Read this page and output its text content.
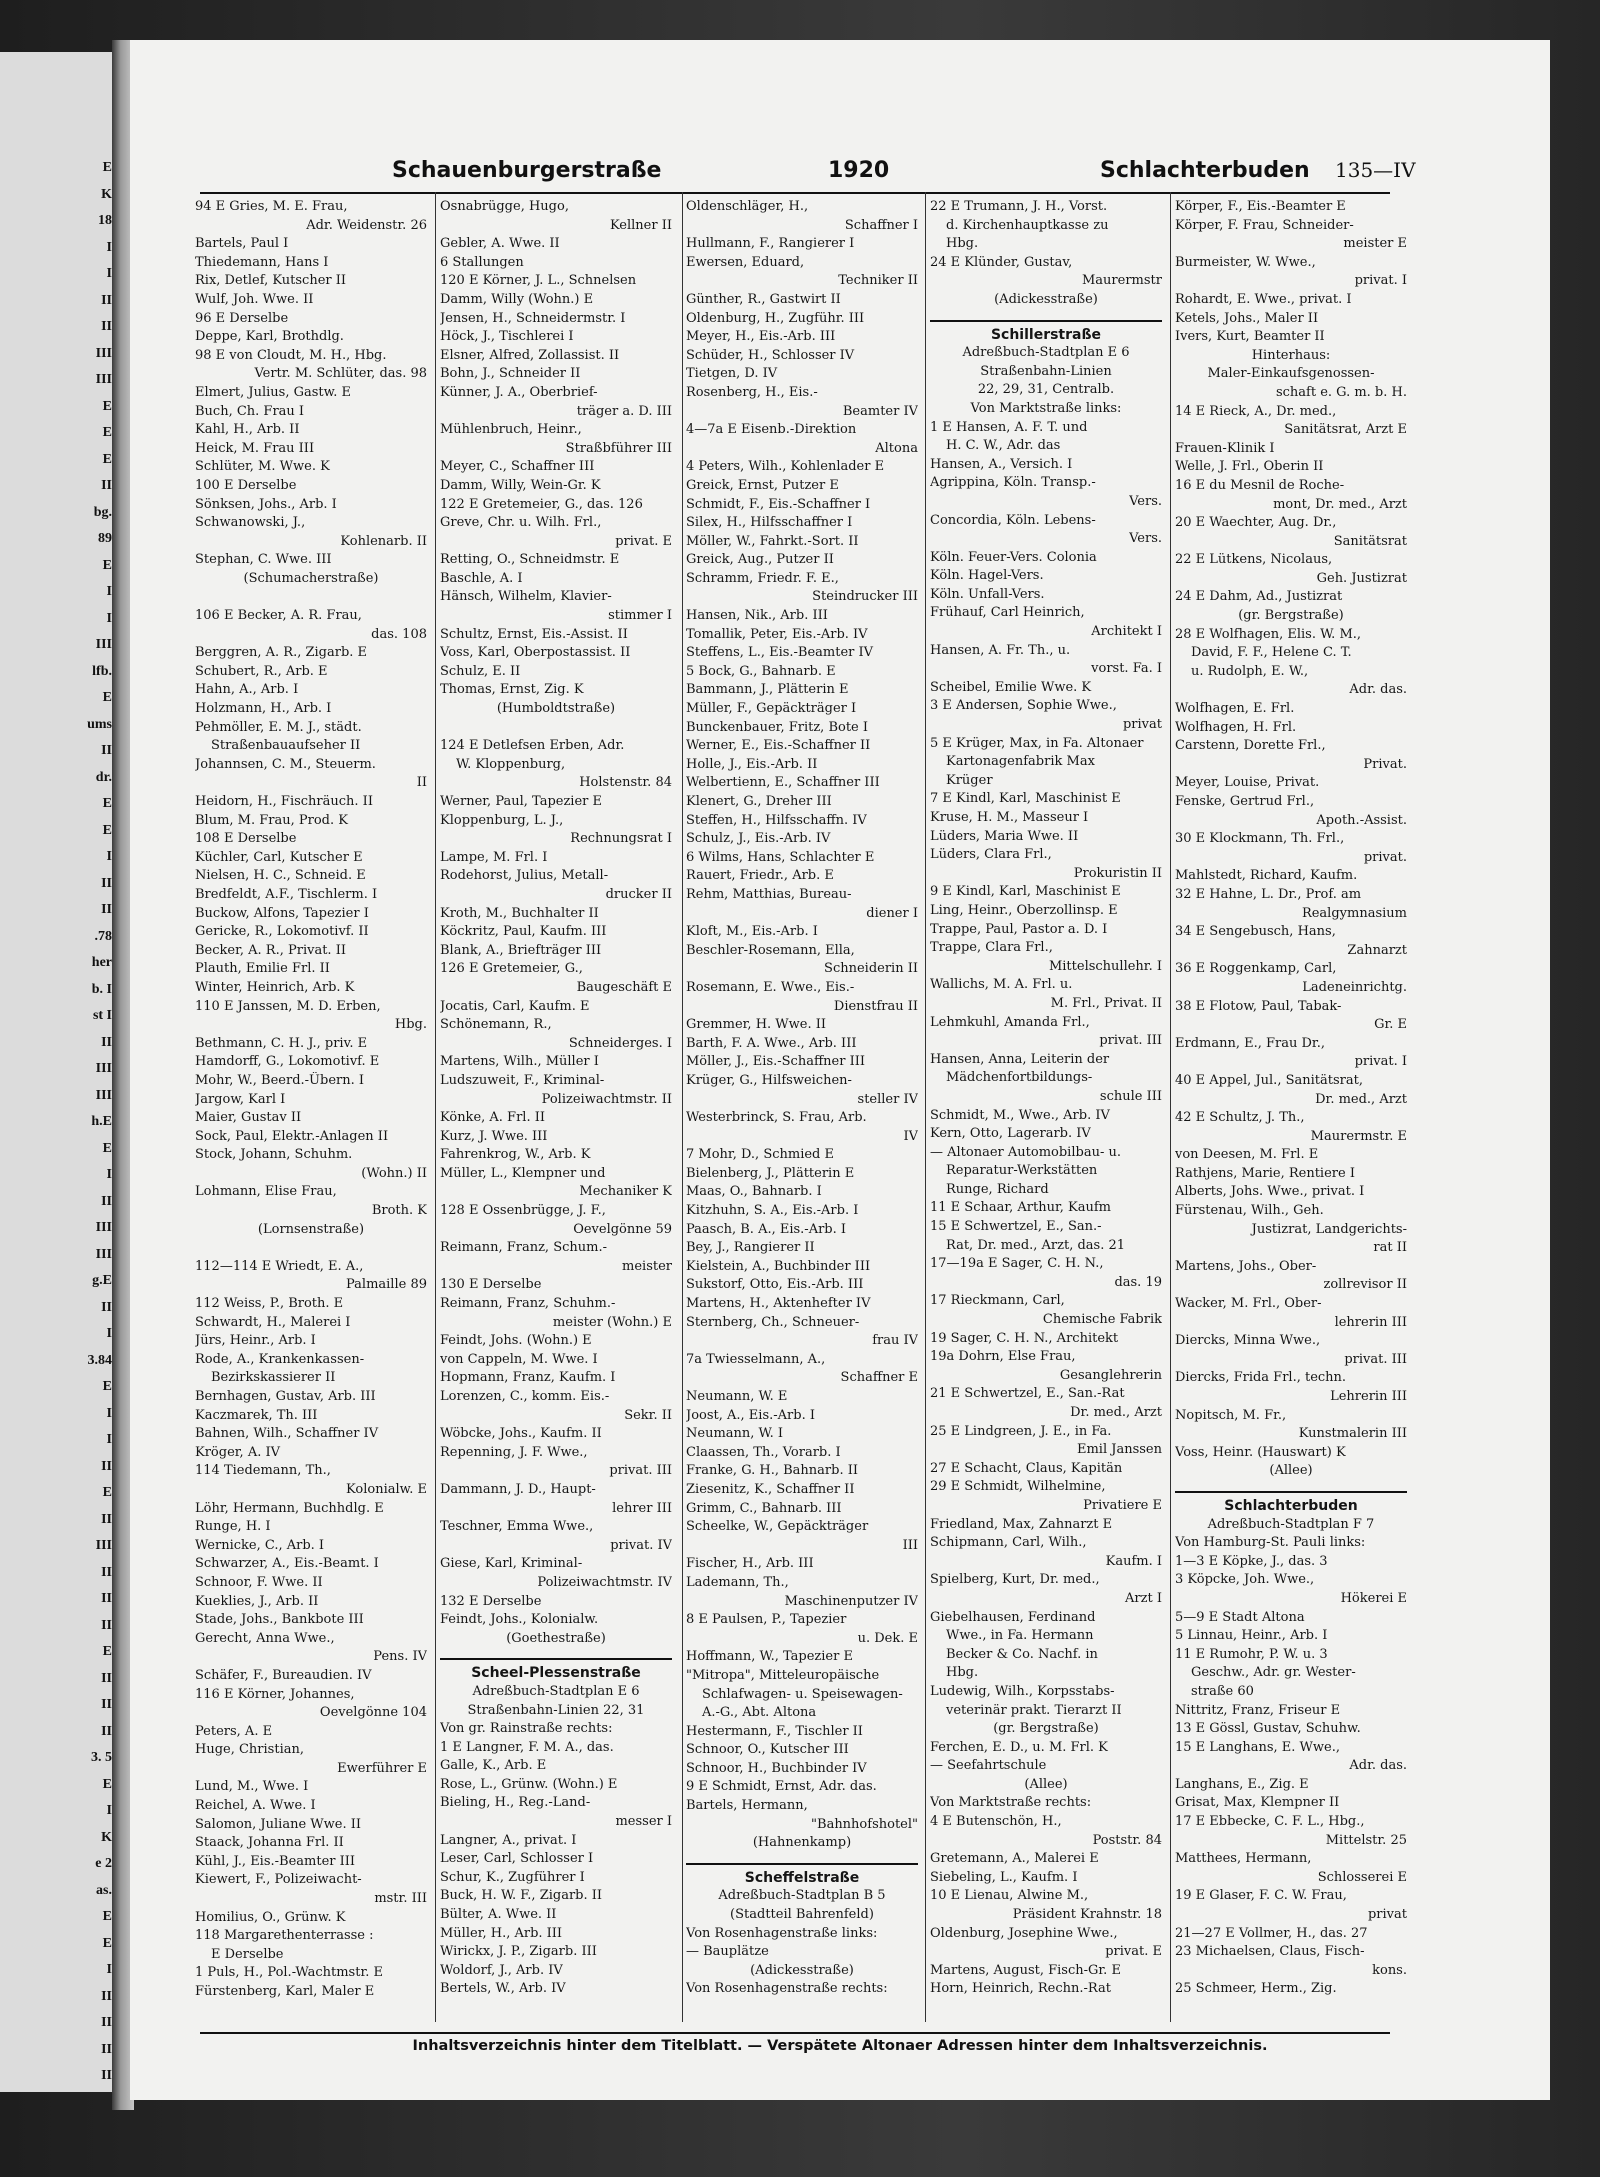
E
K
18
I
I
II
II
III
III
E
E
E
II
bg.
89
E
I
I
III
lfb.
E
ums
II
dr.
E
E
I
II
II
.78
her
b. I
st I
II
III
III
h.E
E
I
II
III
III
g.E
II
I
3.84
E
I
I
II
E
II
III
II
II
II
E
II
II
II
3. 5
E
I
K
e 2
as.
E
E
I
II
II
II
II
Schauenburgerstraße	1920	Schlachterbuden 135—IV
94 E Gries, M. E. Frau,
Adr. Weidenstr. 26
Bartels, Paul I
Thiedemann, Hans I
Rix, Detlef, Kutscher II
Wulf, Joh. Wwe. II
96 E Derselbe
Deppe, Karl, Brothdlg.
98 E von Cloudt, M. H., Hbg.
Vertr. M. Schlüter, das. 98
Elmert, Julius, Gastw. E
Buch, Ch. Frau I
Kahl, H., Arb. II
Heick, M. Frau III
Schlüter, M. Wwe. K
100 E Derselbe
Sönksen, Johs., Arb. I
Schwanowski, J.,
Kohlenarb. II
Stephan, C. Wwe. III
(Schumacherstraße)
106 E Becker, A. R. Frau,
das. 108
Berggren, A. R., Zigarb. E
Schubert, R., Arb. E
Hahn, A., Arb. I
Holzmann, H., Arb. I
Pehmöller, E. M. J., städt.
Straßenbauaufseher II
Johannsen, C. M., Steuerm.
II
Heidorn, H., Fischräuch. II
Blum, M. Frau, Prod. K
108 E Derselbe
Küchler, Carl, Kutscher E
Nielsen, H. C., Schneid. E
Bredfeldt, A.F., Tischlerm. I
Buckow, Alfons, Tapezier I
Gericke, R., Lokomotivf. II
Becker, A. R., Privat. II
Plauth, Emilie Frl. II
Winter, Heinrich, Arb. K
110 E Janssen, M. D. Erben,
Hbg.
Bethmann, C. H. J., priv. E
Hamdorff, G., Lokomotivf. E
Mohr, W., Beerd.-Übern. I
Jargow, Karl I
Maier, Gustav II
Sock, Paul, Elektr.-Anlagen II
Stock, Johann, Schuhm.
(Wohn.) II
Lohmann, Elise Frau,
Broth. K
(Lornsenstraße)
112—114 E Wriedt, E. A.,
Palmaille 89
112 Weiss, P., Broth. E
Schwardt, H., Malerei I
Jürs, Heinr., Arb. I
Rode, A., Krankenkassen-
Bezirkskassierer II
Bernhagen, Gustav, Arb. III
Kaczmarek, Th. III
Bahnen, Wilh., Schaffner IV
Kröger, A. IV
114 Tiedemann, Th.,
Kolonialw. E
Löhr, Hermann, Buchhdlg. E
Runge, H. I
Wernicke, C., Arb. I
Schwarzer, A., Eis.-Beamt. I
Schnoor, F. Wwe. II
Kueklies, J., Arb. II
Stade, Johs., Bankbote III
Gerecht, Anna Wwe.,
Pens. IV
Schäfer, F., Bureaudien. IV
116 E Körner, Johannes,
Oevelgönne 104
Peters, A. E
Huge, Christian,
Ewerführer E
Lund, M., Wwe. I
Reichel, A. Wwe. I
Salomon, Juliane Wwe. II
Staack, Johanna Frl. II
Kühl, J., Eis.-Beamter III
Kiewert, F., Polizeiwacht-
mstr. III
Homilius, O., Grünw. K
118 Margarethenterrasse :
E Derselbe
1 Puls, H., Pol.-Wachtmstr. E
Fürstenberg, Karl, Maler E
Osnabrügge, Hugo,
Kellner II
Gebler, A. Wwe. II
6 Stallungen
120 E Körner, J. L., Schnelsen
Damm, Willy (Wohn.) E
Jensen, H., Schneidermstr. I
Höck, J., Tischlerei I
Elsner, Alfred, Zollassist. II
Bohn, J., Schneider II
Künner, J. A., Oberbrief-
träger a. D. III
Mühlenbruch, Heinr.,
Straßbführer III
Meyer, C., Schaffner III
Damm, Willy, Wein-Gr. K
122 E Gretemeier, G., das. 126
Greve, Chr. u. Wilh. Frl.,
privat. E
Retting, O., Schneidmstr. E
Baschle, A. I
Hänsch, Wilhelm, Klavier-
stimmer I
Schultz, Ernst, Eis.-Assist. II
Voss, Karl, Oberpostassist. II
Schulz, E. II
Thomas, Ernst, Zig. K
(Humboldtstraße)
124 E Detlefsen Erben, Adr.
W. Kloppenburg,
Holstenstr. 84
Werner, Paul, Tapezier E
Kloppenburg, L. J.,
Rechnungsrat I
Lampe, M. Frl. I
Rodehorst, Julius, Metall-
drucker II
Kroth, M., Buchhalter II
Köckritz, Paul, Kaufm. III
Blank, A., Briefträger III
126 E Gretemeier, G.,
Baugeschäft E
Jocatis, Carl, Kaufm. E
Schönemann, R.,
Schneiderges. I
Martens, Wilh., Müller I
Ludszuweit, F., Kriminal-
Polizeiwachtmstr. II
Könke, A. Frl. II
Kurz, J. Wwe. III
Fahrenkrog, W., Arb. K
Müller, L., Klempner und
Mechaniker K
128 E Ossenbrügge, J. F.,
Oevelgönne 59
Reimann, Franz, Schum.-
meister
130 E Derselbe
Reimann, Franz, Schuhm.-
meister (Wohn.) E
Feindt, Johs. (Wohn.) E
von Cappeln, M. Wwe. I
Hopmann, Franz, Kaufm. I
Lorenzen, C., komm. Eis.-
Sekr. II
Wöbcke, Johs., Kaufm. II
Repenning, J. F. Wwe.,
privat. III
Dammann, J. D., Haupt-
lehrer III
Teschner, Emma Wwe.,
privat. IV
Giese, Karl, Kriminal-
Polizeiwachtmstr. IV
132 E Derselbe
Feindt, Johs., Kolonialw.
(Goethestraße)
Scheel-Plessenstraße
Adreßbuch-Stadtplan E 6
Straßenbahn-Linien 22, 31
Von gr. Rainstraße rechts:
1 E Langner, F. M. A., das.
Galle, K., Arb. E
Rose, L., Grünw. (Wohn.) E
Bieling, H., Reg.-Land-
messer I
Langner, A., privat. I
Leser, Carl, Schlosser I
Schur, K., Zugführer I
Buck, H. W. F., Zigarb. II
Bülter, A. Wwe. II
Müller, H., Arb. III
Wirickx, J. P., Zigarb. III
Woldorf, J., Arb. IV
Bertels, W., Arb. IV
Oldenschläger, H.,
Schaffner I
Hullmann, F., Rangierer I
Ewersen, Eduard,
Techniker II
Günther, R., Gastwirt II
Oldenburg, H., Zugführ. III
Meyer, H., Eis.-Arb. III
Schüder, H., Schlosser IV
Tietgen, D. IV
Rosenberg, H., Eis.-
Beamter IV
4—7a E Eisenb.-Direktion
Altona
4 Peters, Wilh., Kohlenlader E
Greick, Ernst, Putzer E
Schmidt, F., Eis.-Schaffner I
Silex, H., Hilfsschaffner I
Möller, W., Fahrkt.-Sort. II
Greick, Aug., Putzer II
Schramm, Friedr. F. E.,
Steindrucker III
Hansen, Nik., Arb. III
Tomallik, Peter, Eis.-Arb. IV
Steffens, L., Eis.-Beamter IV
5 Bock, G., Bahnarb. E
Bammann, J., Plätterin E
Müller, F., Gepäckträger I
Bunckenbauer, Fritz, Bote I
Werner, E., Eis.-Schaffner II
Holle, J., Eis.-Arb. II
Welbertienn, E., Schaffner III
Klenert, G., Dreher III
Steffen, H., Hilfsschaffn. IV
Schulz, J., Eis.-Arb. IV
6 Wilms, Hans, Schlachter E
Rauert, Friedr., Arb. E
Rehm, Matthias, Bureau-
diener I
Kloft, M., Eis.-Arb. I
Beschler-Rosemann, Ella,
Schneiderin II
Rosemann, E. Wwe., Eis.-
Dienstfrau II
Gremmer, H. Wwe. II
Barth, F. A. Wwe., Arb. III
Möller, J., Eis.-Schaffner III
Krüger, G., Hilfsweichen-
steller IV
Westerbrinck, S. Frau, Arb.
IV
7 Mohr, D., Schmied E
Bielenberg, J., Plätterin E
Maas, O., Bahnarb. I
Kitzhuhn, S. A., Eis.-Arb. I
Paasch, B. A., Eis.-Arb. I
Bey, J., Rangierer II
Kielstein, A., Buchbinder III
Sukstorf, Otto, Eis.-Arb. III
Martens, H., Aktenhefter IV
Sternberg, Ch., Schneuer-
frau IV
7a Twiesselmann, A.,
Schaffner E
Neumann, W. E
Joost, A., Eis.-Arb. I
Neumann, W. I
Claassen, Th., Vorarb. I
Franke, G. H., Bahnarb. II
Ziesenitz, K., Schaffner II
Grimm, C., Bahnarb. III
Scheelke, W., Gepäckträger
III
Fischer, H., Arb. III
Lademann, Th.,
Maschinenputzer IV
8 E Paulsen, P., Tapezier
u. Dek. E
Hoffmann, W., Tapezier E
"Mitropa", Mitteleuropäische
Schlafwagen- u. Speisewagen-
A.-G., Abt. Altona
Hestermann, F., Tischler II
Schnoor, O., Kutscher III
Schnoor, H., Buchbinder IV
9 E Schmidt, Ernst, Adr. das.
Bartels, Hermann,
"Bahnhofshotel"
(Hahnenkamp)
Scheffelstraße
Adreßbuch-Stadtplan B 5
(Stadtteil Bahrenfeld)
Von Rosenhagenstraße links:
— Bauplätze
(Adickesstraße)
Von Rosenhagenstraße rechts:
22 E Trumann, J. H., Vorst.
d. Kirchenhauptkasse zu
Hbg.
24 E Klünder, Gustav,
Maurermstr
(Adickesstraße)
Schillerstraße
Adreßbuch-Stadtplan E 6
Straßenbahn-Linien
22, 29, 31, Centralb.
Von Marktstraße links:
1 E Hansen, A. F. T. und
H. C. W., Adr. das
Hansen, A., Versich. I
Agrippina, Köln. Transp.-
Vers.
Concordia, Köln. Lebens-
Vers.
Köln. Feuer-Vers. Colonia
Köln. Hagel-Vers.
Köln. Unfall-Vers.
Frühauf, Carl Heinrich,
Architekt I
Hansen, A. Fr. Th., u.
vorst. Fa. I
Scheibel, Emilie Wwe. K
3 E Andersen, Sophie Wwe.,
privat
5 E Krüger, Max, in Fa. Altonaer
Kartonagenfabrik Max
Krüger
7 E Kindl, Karl, Maschinist E
Kruse, H. M., Masseur I
Lüders, Maria Wwe. II
Lüders, Clara Frl.,
Prokuristin II
9 E Kindl, Karl, Maschinist E
Ling, Heinr., Oberzollinsp. E
Trappe, Paul, Pastor a. D. I
Trappe, Clara Frl.,
Mittelschullehr. I
Wallichs, M. A. Frl. u.
M. Frl., Privat. II
Lehmkuhl, Amanda Frl.,
privat. III
Hansen, Anna, Leiterin der
Mädchenfortbildungs-
schule III
Schmidt, M., Wwe., Arb. IV
Kern, Otto, Lagerarb. IV
— Altonaer Automobilbau- u.
Reparatur-Werkstätten
Runge, Richard
11 E Schaar, Arthur, Kaufm
15 E Schwertzel, E., San.-
Rat, Dr. med., Arzt, das. 21
17—19a E Sager, C. H. N.,
das. 19
17 Rieckmann, Carl,
Chemische Fabrik
19 Sager, C. H. N., Architekt
19a Dohrn, Else Frau,
Gesanglehrerin
21 E Schwertzel, E., San.-Rat
Dr. med., Arzt
25 E Lindgreen, J. E., in Fa.
Emil Janssen
27 E Schacht, Claus, Kapitän
29 E Schmidt, Wilhelmine,
Privatiere E
Friedland, Max, Zahnarzt E
Schipmann, Carl, Wilh.,
Kaufm. I
Spielberg, Kurt, Dr. med.,
Arzt I
Giebelhausen, Ferdinand
Wwe., in Fa. Hermann
Becker & Co. Nachf. in
Hbg.
Ludewig, Wilh., Korpsstabs-
veterinär prakt. Tierarzt II
(gr. Bergstraße)
Ferchen, E. D., u. M. Frl. K
— Seefahrtschule
(Allee)
Von Marktstraße rechts:
4 E Butenschön, H.,
Poststr. 84
Gretemann, A., Malerei E
Siebeling, L., Kaufm. I
10 E Lienau, Alwine M.,
Präsident Krahnstr. 18
Oldenburg, Josephine Wwe.,
privat. E
Martens, August, Fisch-Gr. E
Horn, Heinrich, Rechn.-Rat
Körper, F., Eis.-Beamter E
Körper, F. Frau, Schneider-
meister E
Burmeister, W. Wwe.,
privat. I
Rohardt, E. Wwe., privat. I
Ketels, Johs., Maler II
Ivers, Kurt, Beamter II
Hinterhaus:
Maler-Einkaufsgenossen-
schaft e. G. m. b. H.
14 E Rieck, A., Dr. med.,
Sanitätsrat, Arzt E
Frauen-Klinik I
Welle, J. Frl., Oberin II
16 E du Mesnil de Roche-
mont, Dr. med., Arzt
20 E Waechter, Aug. Dr.,
Sanitätsrat
22 E Lütkens, Nicolaus,
Geh. Justizrat
24 E Dahm, Ad., Justizrat
(gr. Bergstraße)
28 E Wolfhagen, Elis. W. M.,
David, F. F., Helene C. T.
u. Rudolph, E. W.,
Adr. das.
Wolfhagen, E. Frl.
Wolfhagen, H. Frl.
Carstenn, Dorette Frl.,
Privat.
Meyer, Louise, Privat.
Fenske, Gertrud Frl.,
Apoth.-Assist.
30 E Klockmann, Th. Frl.,
privat.
Mahlstedt, Richard, Kaufm.
32 E Hahne, L. Dr., Prof. am
Realgymnasium
34 E Sengebusch, Hans,
Zahnarzt
36 E Roggenkamp, Carl,
Ladeneinrichtg.
38 E Flotow, Paul, Tabak-
Gr. E
Erdmann, E., Frau Dr.,
privat. I
40 E Appel, Jul., Sanitätsrat,
Dr. med., Arzt
42 E Schultz, J. Th.,
Maurermstr. E
von Deesen, M. Frl. E
Rathjens, Marie, Rentiere I
Alberts, Johs. Wwe., privat. I
Fürstenau, Wilh., Geh.
Justizrat, Landgerichts-
rat II
Martens, Johs., Ober-
zollrevisor II
Wacker, M. Frl., Ober-
lehrerin III
Diercks, Minna Wwe.,
privat. III
Diercks, Frida Frl., techn.
Lehrerin III
Nopitsch, M. Fr.,
Kunstmalerin III
Voss, Heinr. (Hauswart) K
(Allee)
Schlachterbuden
Adreßbuch-Stadtplan F 7
Von Hamburg-St. Pauli links:
1—3 E Köpke, J., das. 3
3 Köpcke, Joh. Wwe.,
Hökerei E
5—9 E Stadt Altona
5 Linnau, Heinr., Arb. I
11 E Rumohr, P. W. u. 3
Geschw., Adr. gr. Wester-
straße 60
Nittritz, Franz, Friseur E
13 E Gössl, Gustav, Schuhw.
15 E Langhans, E. Wwe.,
Adr. das.
Langhans, E., Zig. E
Grisat, Max, Klempner II
17 E Ebbecke, C. F. L., Hbg.,
Mittelstr. 25
Matthees, Hermann,
Schlosserei E
19 E Glaser, F. C. W. Frau,
privat
21—27 E Vollmer, H., das. 27
23 Michaelsen, Claus, Fisch-
kons.
25 Schmeer, Herm., Zig.
Inhaltsverzeichnis hinter dem Titelblatt. — Verspätete Altonaer Adressen hinter dem Inhaltsverzeichnis.
